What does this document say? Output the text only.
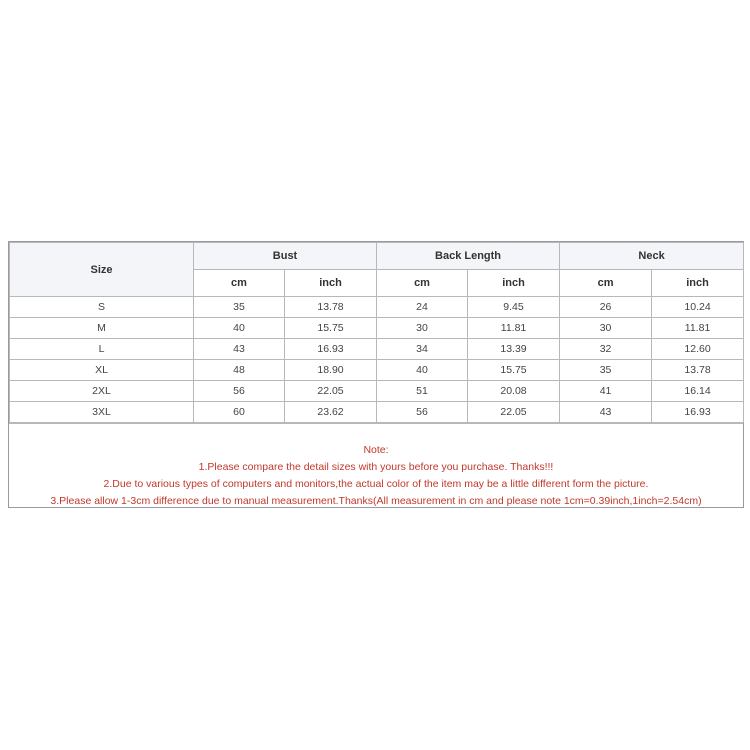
Size	Bust		Back Length		Neck	
	cm	inch	cm	inch	cm	inch
S	35	13.78	24	9.45	26	10.24
M	40	15.75	30	11.81	30	11.81
L	43	16.93	34	13.39	32	12.60
XL	48	18.90	40	15.75	35	13.78
2XL	56	22.05	51	20.08	41	16.14
3XL	60	23.62	56	22.05	43	16.93
Note:
1.Please compare the detail sizes with yours before you purchase. Thanks!!!
2.Due to various types of computers and monitors,the actual color of the item may be a little different form the picture.
3.Please allow 1-3cm difference due to manual measurement.Thanks(All measurement in cm and please note 1cm=0.39inch,1inch=2.54cm)
